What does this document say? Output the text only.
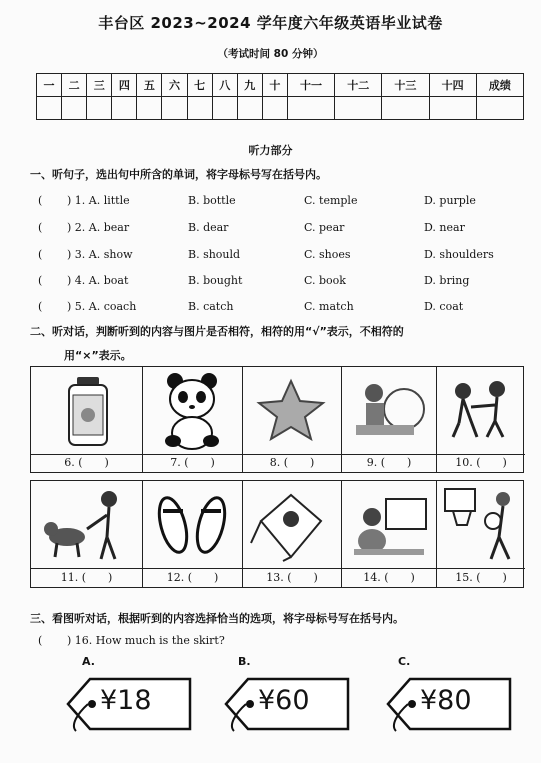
丰台区 2023~2024 学年度六年级英语毕业试卷
（考试时间 80 分钟）
一	二	三	四	五	六	七	八	九	十	十一	十二	十三	十四	成绩

听力部分
一、听句子，选出句中所含的单词，将字母标号写在括号内。
( ) 1. A. little	B. bottle	C. temple	D. purple
( ) 2. A. bear	B. dear	C. pear	D. near
( ) 3. A. show	B. should	C. shoes	D. shoulders
( ) 4. A. boat	B. bought	C. book	D. bring
( ) 5. A. coach	B. catch	C. match	D. coat
二、听对话，判断听到的内容与图片是否相符，相符的用“√”表示，不相符的
用“×”表示。
6. (　　)	7. (　　)	8. (　　)	9. (　　)	10. (　　)
11. (　　)	12. (　　)	13. (　　)	14. (　　)	15. (　　)
三、看图听对话，根据听到的内容选择恰当的选项，将字母标号写在括号内。
( ) 16. How much is the skirt?
A.	B.	C.
¥18	¥60	¥80
